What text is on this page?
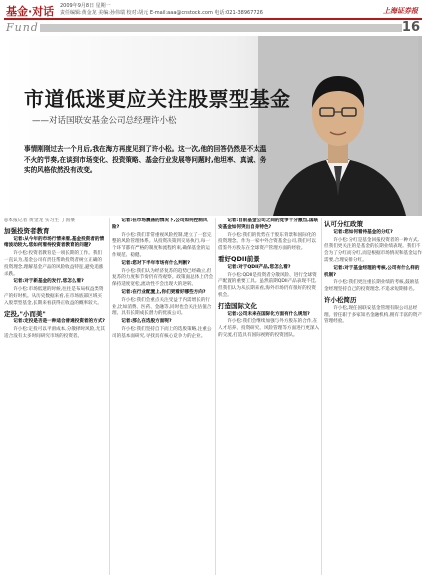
基金·对话 2009年9月8日 星期一
责任编辑:黄金龙 美编:孙伟瑞 校对:胡元 E-mail:aaa@cnstock.com 电话:021-38967726	上海证券报
Fund	16
市道低迷更应关注股票型基金
——对话国联安基金公司总经理许小松
事情刚刚过去一个月后,我在海方再度见到了许小松。这一次,他的回答仍然是不太温不火的节奏,在谈到市场变化、投资策略、基金行业发展等问题时,他坦率、真诚、务实的风格依然没有改变。
◎本报记者 黄金龙 实习生 丁国豪
加强投资者教育

记者:从今年的市场行情来看,基金投资者的情绪波动较大,您如何看待投资者教育的问题?

许小松:投资者教育是一项长期的工作。我们一直认为,基金公司有责任帮助投资者树立正确的投资理念,理解基金产品的风险收益特征,避免追涨杀跌。

记者:对于新基金的发行,您怎么看?

许小松:市场低迷的时候,往往是布局权益类资产的好时机。从历史数据来看,在市场底部区域买入股票型基金,长期来看获得正收益的概率较大。

定投,"小而美"

记者:定投是否是一种适合普通投资者的方式?

许小松:定投可以平滑成本,分散择时风险,尤其适合没有太多时间研究市场的投资者。

记者:在市场震荡的情况下,公司如何控制风险?

许小松:我们非常重视风险控制,建立了一套完整的风险管理体系。从投资决策到交易执行,每一个环节都有严格的制度和流程约束,确保基金的运作规范、稳健。

记者:您对下半年市场有什么判断?

许小松:我们认为经济复苏的趋势已经确立,但复苏的力度和节奏仍有待观察。政策面总体上仍会保持适度宽松,流动性不会出现大的逆转。

记者:在行业配置上,你们更看好哪些方向?

许小松:我们会重点关注受益于内需增长的行业,比如消费、医药、金融等,同时也会关注估值合理、具有长期成长潜力的优质公司。

记者:那么在选股方面呢?

许小松:我们坚持自下而上的选股策略,注重公司的基本面研究,寻找具有核心竞争力的企业。

记者:目前基金公司之间的竞争十分激烈,国联安基金如何突出自身特色?

许小松:我们的优势在于股东背景和国际化的投资理念。作为一家中外合资基金公司,我们可以借鉴外方股东在全球资产管理方面的经验。

看好QDII前景

记者:对于QDII产品,您怎么看?

许小松:QDII是投资者分散风险、进行全球资产配置的重要工具。虽然前期QDII产品表现不佳,但我们认为从长期来看,海外市场仍有很好的投资机会。

打造国际文化

记者:公司未来在国际化方面有什么规划?

许小松:我们会继续加强与外方股东的合作,在人才培养、投资研究、风险管理等方面进行更深入的交流,打造具有国际视野的投资团队。

认可分红政策

记者:您如何看待基金的分红?

许小松:分红是基金回报投资者的一种方式,但我们更关注的是基金的长期业绩表现。我们不会为了分红而分红,而是根据市场情况和基金运作需要,合理安排分红。

记者:对于基金经理的考核,公司有什么样的机制?

许小松:我们更注重长期业绩的考核,鼓励基金经理坚持自己的投资理念,不追求短期排名。

许小松简历

许小松,现任国联安基金管理有限公司总经理。曾任职于多家知名金融机构,拥有丰富的资产管理经验。
